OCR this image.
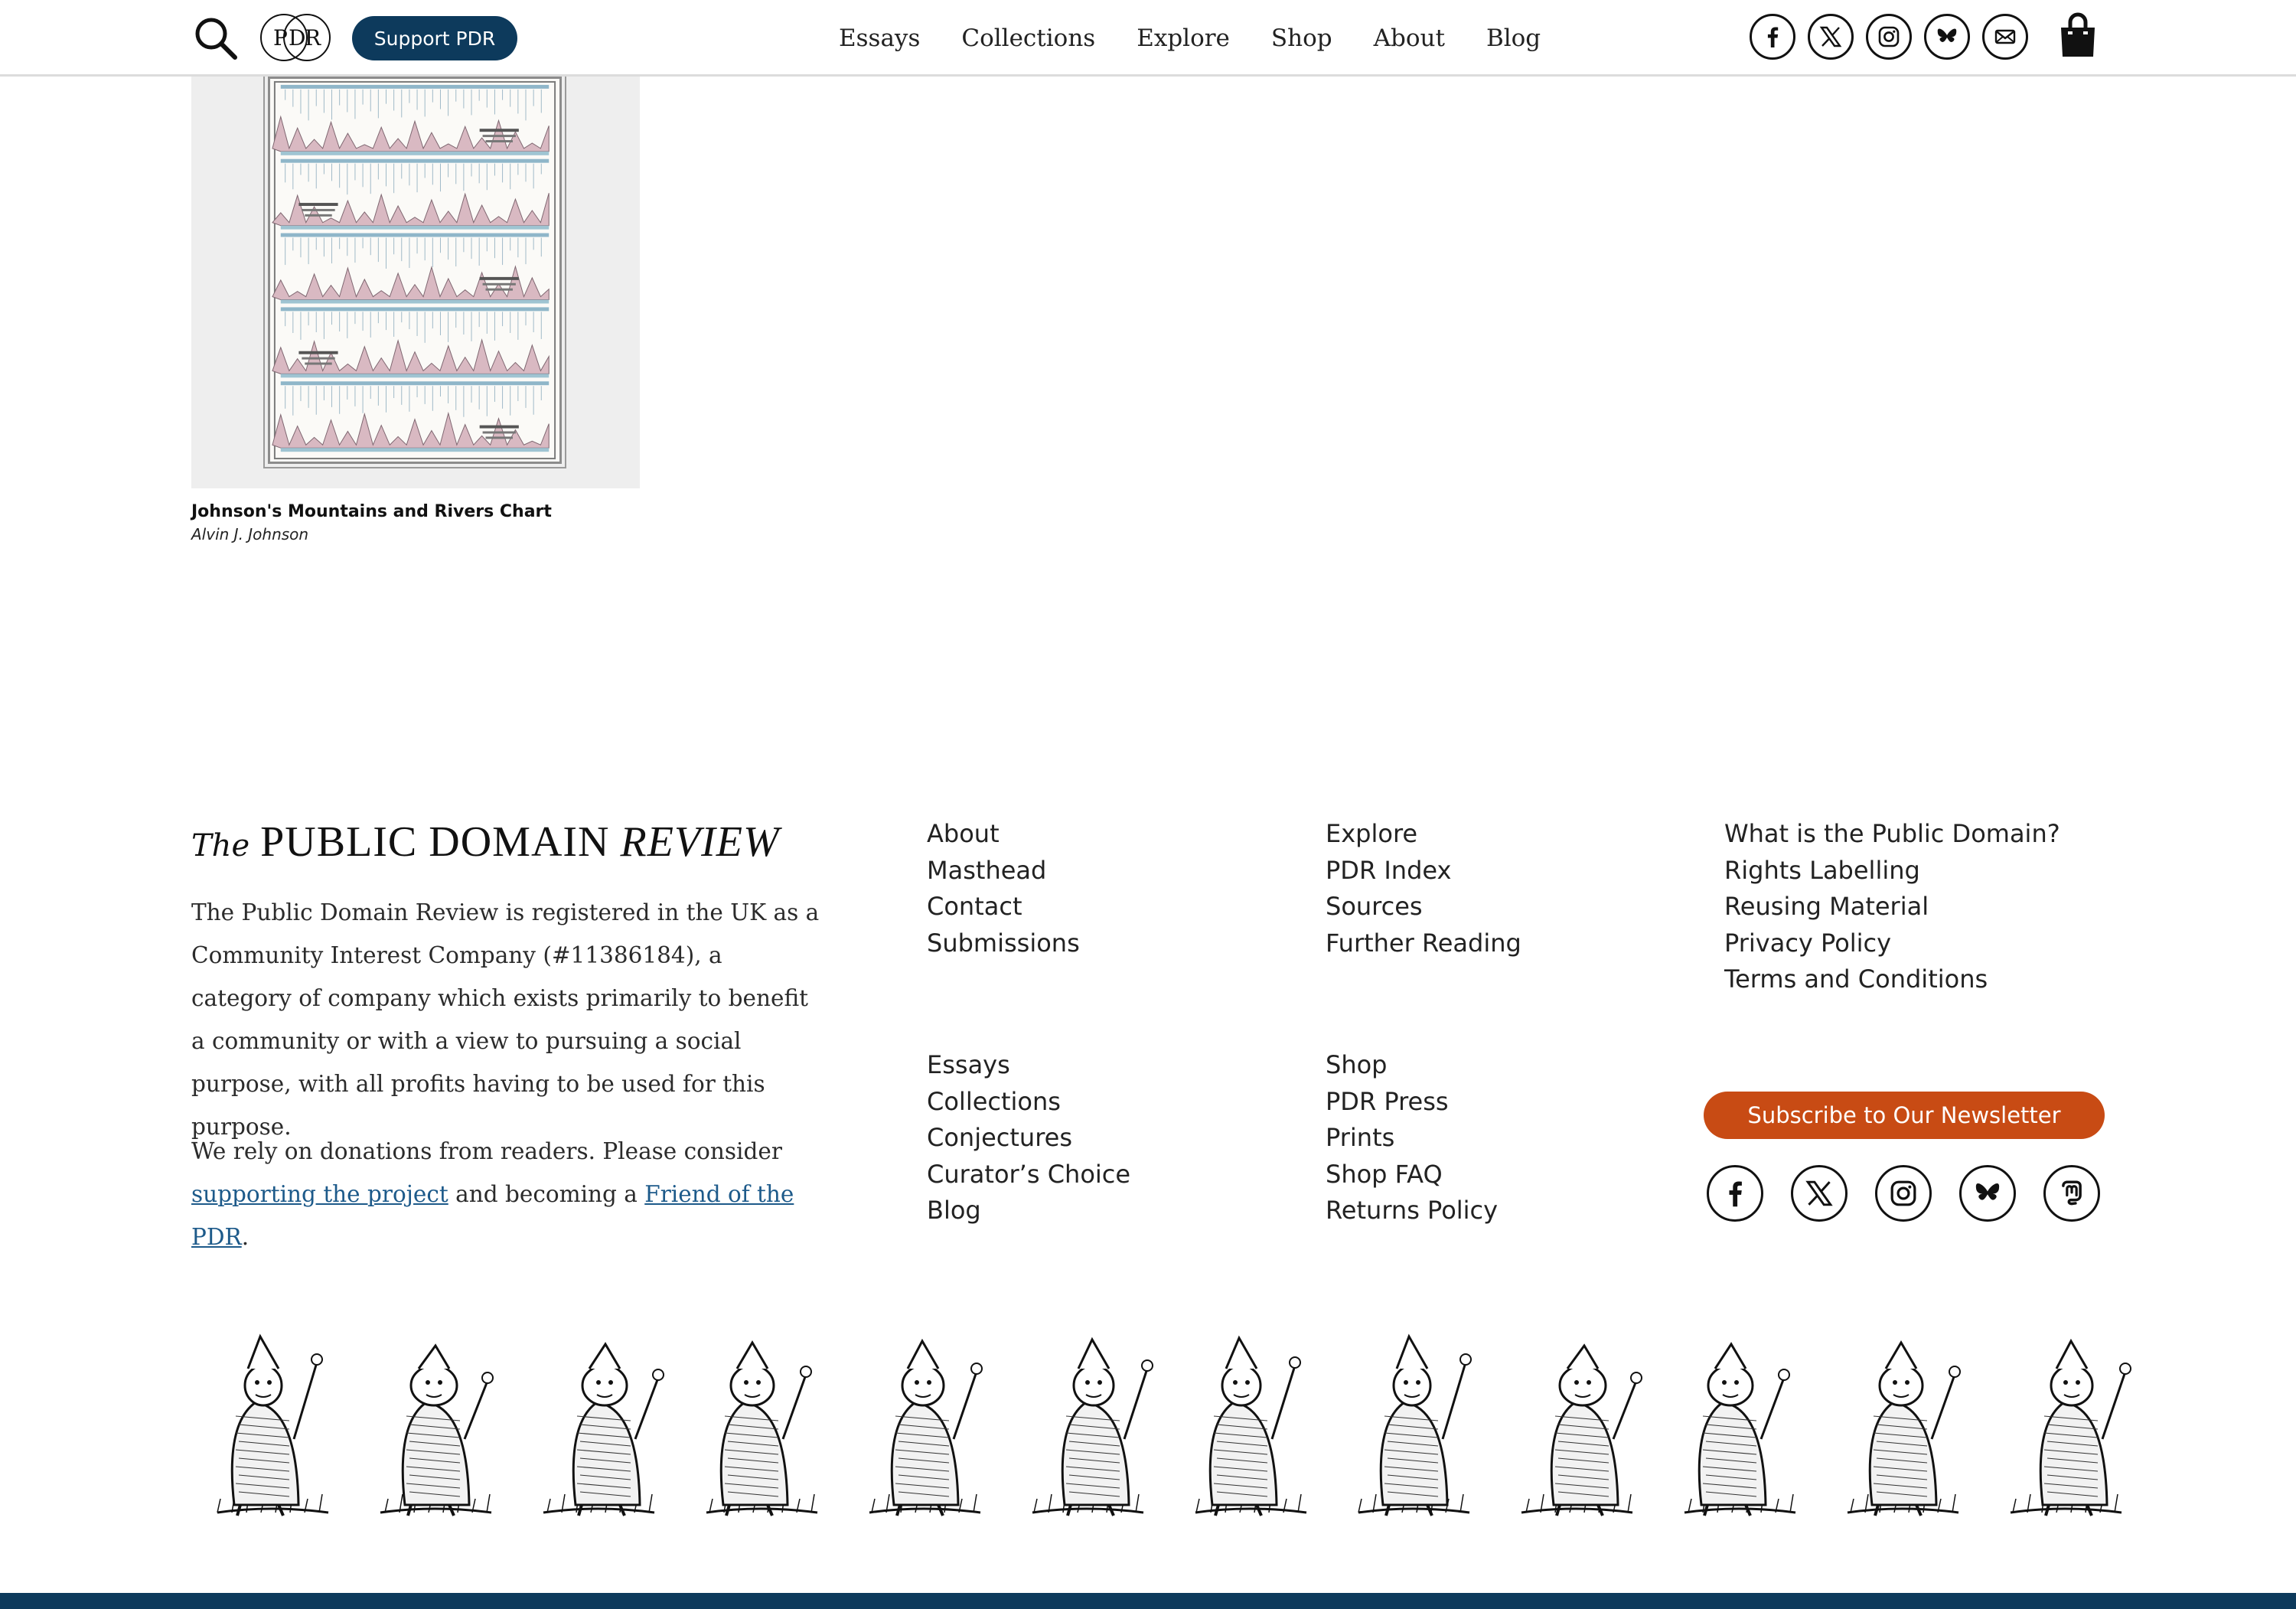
P D
R	Support PDR	Essays Collections Explore Shop About Blog
Johnson's Mountains and Rivers Chart
Alvin J. Johnson
The PUBLIC DOMAIN REVIEW

The Public Domain Review is registered in the UK as a Community Interest Company (#11386184), a category of company which exists primarily to benefit a community or with a view to pursuing a social purpose, with all profits having to be used for this purpose.

We rely on donations from readers. Please consider supporting the project and becoming a Friend of the PDR.

About
Masthead
Contact
Submissions
Explore
PDR Index
Sources
Further Reading
What is the Public Domain?
Rights Labelling
Reusing Material
Privacy Policy
Terms and Conditions
Essays
Collections
Conjectures
Curator’s Choice
Blog
Shop
PDR Press
Prints
Shop FAQ
Returns Policy
Subscribe to Our Newsletter
